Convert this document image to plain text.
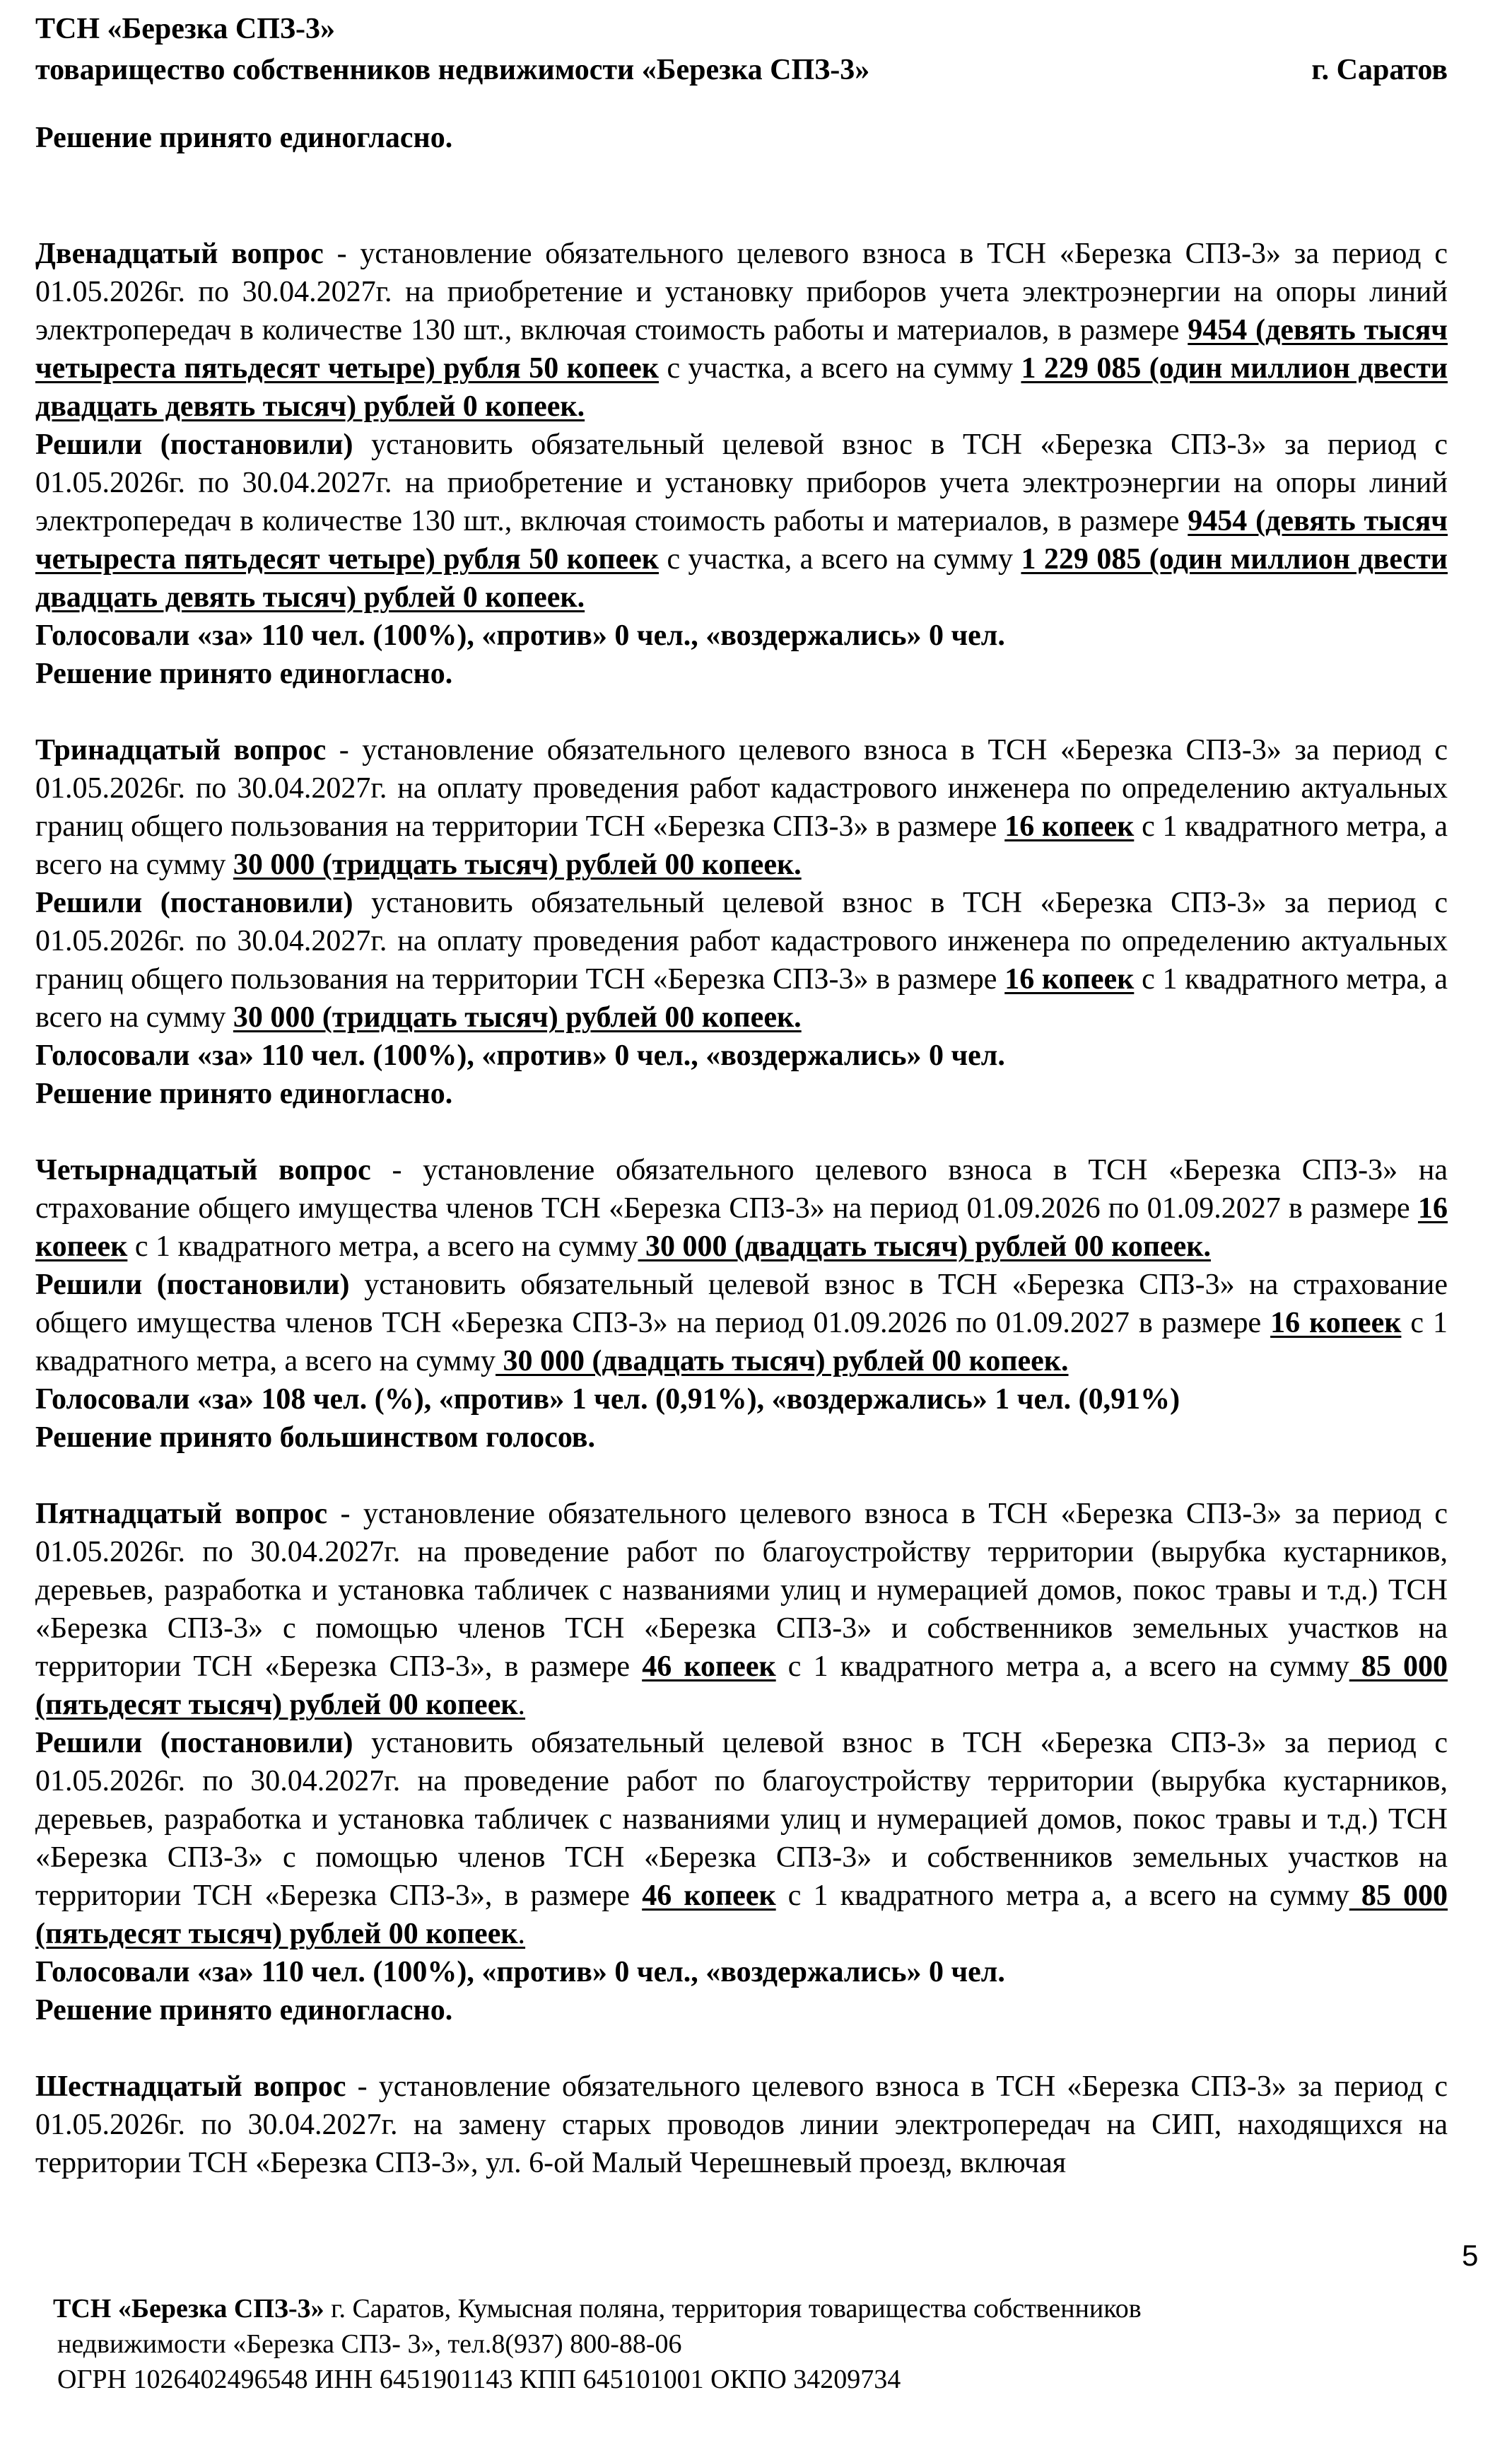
ТСН «Березка СПЗ-3»
товарищество собственников недвижимости «Березка СПЗ-3»	г. Саратов

Решение принято единогласно.

Двенадцатый вопрос - установление обязательного целевого взноса в ТСН «Березка СПЗ-3» за период с 01.05.2026г. по 30.04.2027г. на приобретение и установку приборов учета электроэнергии на опоры линий электропередач в количестве 130 шт., включая стоимость работы и материалов, в размере 9454 (девять тысяч четыреста пятьдесят четыре) рубля 50 копеек с участка, а всего на сумму 1 229 085 (один миллион двести двадцать девять тысяч) рублей 0 копеек.

Решили (постановили) установить обязательный целевой взнос в ТСН «Березка СПЗ-3» за период с 01.05.2026г. по 30.04.2027г. на приобретение и установку приборов учета электроэнергии на опоры линий электропередач в количестве 130 шт., включая стоимость работы и материалов, в размере 9454 (девять тысяч четыреста пятьдесят четыре) рубля 50 копеек с участка, а всего на сумму 1 229 085 (один миллион двести двадцать девять тысяч) рублей 0 копеек.

Голосовали «за» 110 чел. (100%), «против» 0 чел., «воздержались» 0 чел.

Решение принято единогласно.

Тринадцатый вопрос - установление обязательного целевого взноса в ТСН «Березка СПЗ-3» за период с 01.05.2026г. по 30.04.2027г. на оплату проведения работ кадастрового инженера по определению актуальных границ общего пользования на территории ТСН «Березка СПЗ-3» в размере 16 копеек с 1 квадратного метра, а всего на сумму 30 000 (тридцать тысяч) рублей 00 копеек.

Решили (постановили) установить обязательный целевой взнос в ТСН «Березка СПЗ-3» за период с 01.05.2026г. по 30.04.2027г. на оплату проведения работ кадастрового инженера по определению актуальных границ общего пользования на территории ТСН «Березка СПЗ-3» в размере 16 копеек с 1 квадратного метра, а всего на сумму 30 000 (тридцать тысяч) рублей 00 копеек.

Голосовали «за» 110 чел. (100%), «против» 0 чел., «воздержались» 0 чел.

Решение принято единогласно.

Четырнадцатый вопрос - установление обязательного целевого взноса в ТСН «Березка СПЗ-3» на страхование общего имущества членов ТСН «Березка СПЗ-3» на период 01.09.2026 по 01.09.2027 в размере 16 копеек с 1 квадратного метра, а всего на сумму 30 000 (двадцать тысяч) рублей 00 копеек.

Решили (постановили) установить обязательный целевой взнос в ТСН «Березка СПЗ-3» на страхование общего имущества членов ТСН «Березка СПЗ-3» на период 01.09.2026 по 01.09.2027 в размере 16 копеек с 1 квадратного метра, а всего на сумму 30 000 (двадцать тысяч) рублей 00 копеек.

Голосовали «за» 108 чел. (%), «против» 1 чел. (0,91%), «воздержались» 1 чел. (0,91%)

Решение принято большинством голосов.

Пятнадцатый вопрос - установление обязательного целевого взноса в ТСН «Березка СПЗ-3» за период с 01.05.2026г. по 30.04.2027г. на проведение работ по благоустройству территории (вырубка кустарников, деревьев, разработка и установка табличек с названиями улиц и нумерацией домов, покос травы и т.д.) ТСН «Березка СПЗ-3» с помощью членов ТСН «Березка СПЗ-3» и собственников земельных участков на территории ТСН «Березка СПЗ-3», в размере 46 копеек с 1 квадратного метра а, а всего на сумму 85 000 (пятьдесят тысяч) рублей 00 копеек.

Решили (постановили) установить обязательный целевой взнос в ТСН «Березка СПЗ-3» за период с 01.05.2026г. по 30.04.2027г. на проведение работ по благоустройству территории (вырубка кустарников, деревьев, разработка и установка табличек с названиями улиц и нумерацией домов, покос травы и т.д.) ТСН «Березка СПЗ-3» с помощью членов ТСН «Березка СПЗ-3» и собственников земельных участков на территории ТСН «Березка СПЗ-3», в размере 46 копеек с 1 квадратного метра а, а всего на сумму 85 000 (пятьдесят тысяч) рублей 00 копеек.

Голосовали «за» 110 чел. (100%), «против» 0 чел., «воздержались» 0 чел.

Решение принято единогласно.

Шестнадцатый вопрос - установление обязательного целевого взноса в ТСН «Березка СПЗ-3» за период с 01.05.2026г. по 30.04.2027г. на замену старых проводов линии электропередач на СИП, находящихся на территории ТСН «Березка СПЗ-3», ул. 6-ой Малый Черешневый проезд, включая

5

ТСН «Березка СПЗ-3» г. Саратов, Кумысная поляна, территория товарищества собственников

недвижимости «Березка СПЗ- 3», тел.8(937) 800-88-06

ОГРН 1026402496548 ИНН 6451901143 КПП 645101001 ОКПО 34209734
